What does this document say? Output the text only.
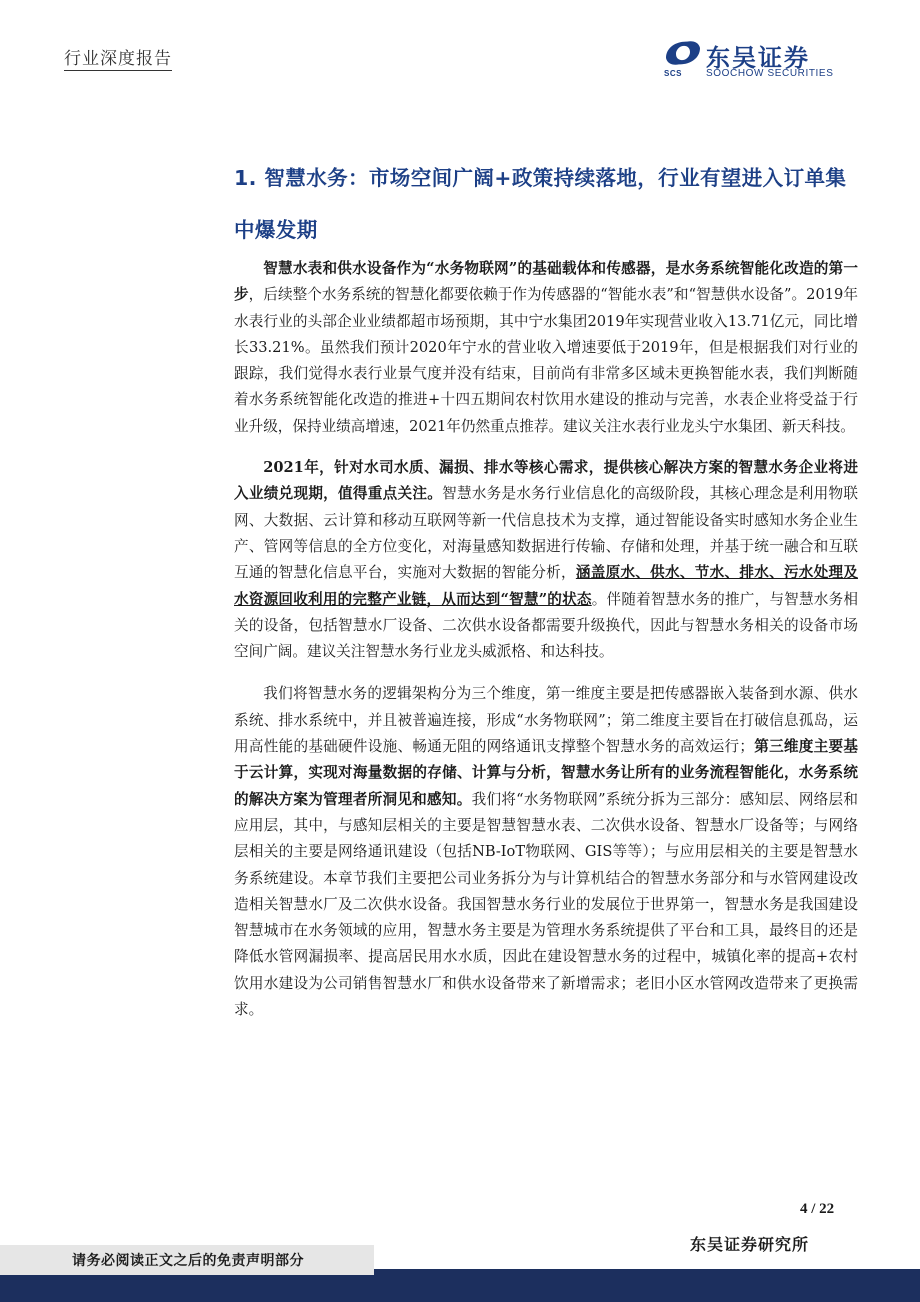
行业深度报告
SCS
东吴证券
SOOCHOW SECURITIES
1. 智慧水务：市场空间广阔+政策持续落地，行业有望进入订单集中爆发期

智慧水表和供水设备作为“水务物联网”的基础载体和传感器，是水务系统智能化改造的第一步，后续整个水务系统的智慧化都要依赖于作为传感器的“智能水表”和“智慧供水设备”。2019年水表行业的头部企业业绩都超市场预期，其中宁水集团2019年实现营业收入13.71亿元，同比增长33.21%。虽然我们预计2020年宁水的营业收入增速要低于2019年，但是根据我们对行业的跟踪，我们觉得水表行业景气度并没有结束，目前尚有非常多区域未更换智能水表，我们判断随着水务系统智能化改造的推进+十四五期间农村饮用水建设的推动与完善，水表企业将受益于行业升级，保持业绩高增速，2021年仍然重点推荐。建议关注水表行业龙头宁水集团、新天科技。

2021年，针对水司水质、漏损、排水等核心需求，提供核心解决方案的智慧水务企业将进入业绩兑现期，值得重点关注。智慧水务是水务行业信息化的高级阶段，其核心理念是利用物联网、大数据、云计算和移动互联网等新一代信息技术为支撑，通过智能设备实时感知水务企业生产、管网等信息的全方位变化，对海量感知数据进行传输、存储和处理，并基于统一融合和互联互通的智慧化信息平台，实施对大数据的智能分析，涵盖原水、供水、节水、排水、污水处理及水资源回收利用的完整产业链，从而达到“智慧”的状态。伴随着智慧水务的推广，与智慧水务相关的设备，包括智慧水厂设备、二次供水设备都需要升级换代，因此与智慧水务相关的设备市场空间广阔。建议关注智慧水务行业龙头威派格、和达科技。

我们将智慧水务的逻辑架构分为三个维度，第一维度主要是把传感器嵌入装备到水源、供水系统、排水系统中，并且被普遍连接，形成“水务物联网”；第二维度主要旨在打破信息孤岛，运用高性能的基础硬件设施、畅通无阻的网络通讯支撑整个智慧水务的高效运行；第三维度主要基于云计算，实现对海量数据的存储、计算与分析，智慧水务让所有的业务流程智能化，水务系统的解决方案为管理者所洞见和感知。我们将“水务物联网”系统分拆为三部分：感知层、网络层和应用层，其中，与感知层相关的主要是智慧智慧水表、二次供水设备、智慧水厂设备等；与网络层相关的主要是网络通讯建设（包括NB-IoT物联网、GIS等等）；与应用层相关的主要是智慧水务系统建设。本章节我们主要把公司业务拆分为与计算机结合的智慧水务部分和与水管网建设改造相关智慧水厂及二次供水设备。我国智慧水务行业的发展位于世界第一，智慧水务是我国建设智慧城市在水务领域的应用，智慧水务主要是为管理水务系统提供了平台和工具，最终目的还是降低水管网漏损率、提高居民用水水质，因此在建设智慧水务的过程中，城镇化率的提高+农村饮用水建设为公司销售智慧水厂和供水设备带来了新增需求；老旧小区水管网改造带来了更换需求。

4 / 22
东吴证券研究所
请务必阅读正文之后的免责声明部分
